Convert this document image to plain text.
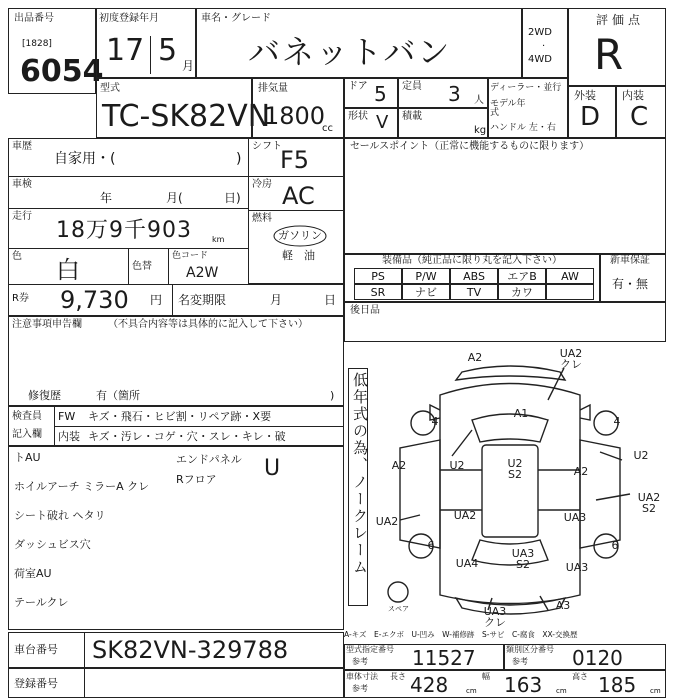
出品番号
[1828]
6054
初度登録年月
17 5 月
車名・グレード
バネットバン
2WD
·
4WD
評価点
R
型式
TC-SK82VN
排気量
1800
cc
ドア 5 定員 3 人
形状 V 積載
kg
ディーラー・並行
モデル年式
ハンドル 左・右
外装 内装
D C
車歴
自家用・(	)
車検
年	月(	日)
走行
18万9千903	km
色 白	色替
色コード
A2W
R券 9,730 円 名変期限	月	日
シフト
F5
冷房 AC
燃料
ガソリン
軽　油
セールスポイント（正常に機能するものに限ります）
装備品（純正品に限り丸を記入下さい）	新車保証
有・無
PS	P/W	ABS	エアB	AW
SR	ナビ	TV	カワ
後日品
注意事項申告欄	（不具合内容等は具体的に記入して下さい）
修復歴	有（箇所	)
検査員
記入欄
FW キズ・飛石・ヒビ割・リペア跡・X要
内装 キズ・汚レ・コゲ・穴・スレ・キレ・破
トAU
ホイルアーチ ミラーA クレ
シート破れ ヘタリ
ダッシュビス穴
荷室AU
テールクレ
エンドパネル
Rフロア U	低年式の為、ノークレーム
A2	UA2 クレ
A1
4	4
A2	U2	U2 S2	A2
U2
UA2 S2
UA2	UA2	UA3
6	6
UA4
UA3 S2	UA3
UA3 クレ
A3
スペア
A-キズ　E-エクボ　U-凹み　W-補修跡　S-サビ　C-腐食　XX-交換歴
車台番号 SK82VN-329788
登録番号
型式指定番号
参考 11527	類別区分番号
参考 0120
車体寸法
参考
長さ 428	cm
幅 163 cm
高さ 185 cm
